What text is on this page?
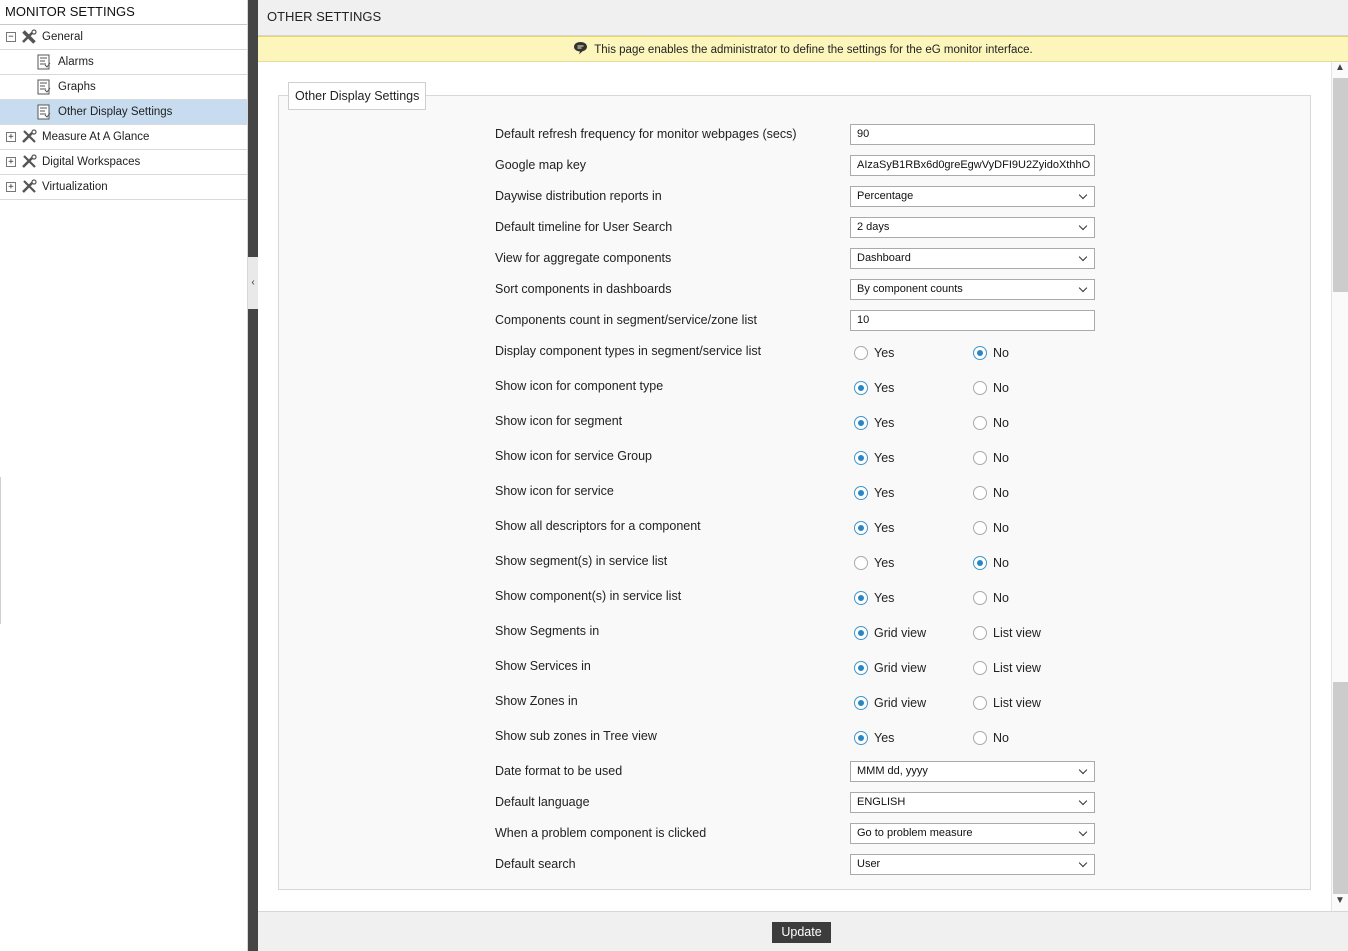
MONITOR SETTINGS
− General
Alarms
Graphs
Other Display Settings
+ Measure At A Glance
+ Digital Workspaces
+ Virtualization
‹
OTHER SETTINGS
This page enables the administrator to define the settings for the eG monitor interface.
Other Display Settings
Default refresh frequency for monitor webpages (secs)	90
Google map key	AIzaSyB1RBx6d0greEgwVyDFI9U2ZyidoXthhO
Daywise distribution reports in	Percentage
Default timeline for User Search	2 days
View for aggregate components	Dashboard
Sort components in dashboards	By component counts
Components count in segment/service/zone list	10
Display component types in segment/service list	Yes	No
Show icon for component type	Yes	No
Show icon for segment	Yes	No
Show icon for service Group	Yes	No
Show icon for service	Yes	No
Show all descriptors for a component	Yes	No
Show segment(s) in service list	Yes	No
Show component(s) in service list	Yes	No
Show Segments in	Grid view	List view
Show Services in	Grid view	List view
Show Zones in	Grid view	List view
Show sub zones in Tree view	Yes	No
Date format to be used	MMM dd, yyyy
Default language	ENGLISH
When a problem component is clicked	Go to problem measure
Default search	User
▲
▼
Update
